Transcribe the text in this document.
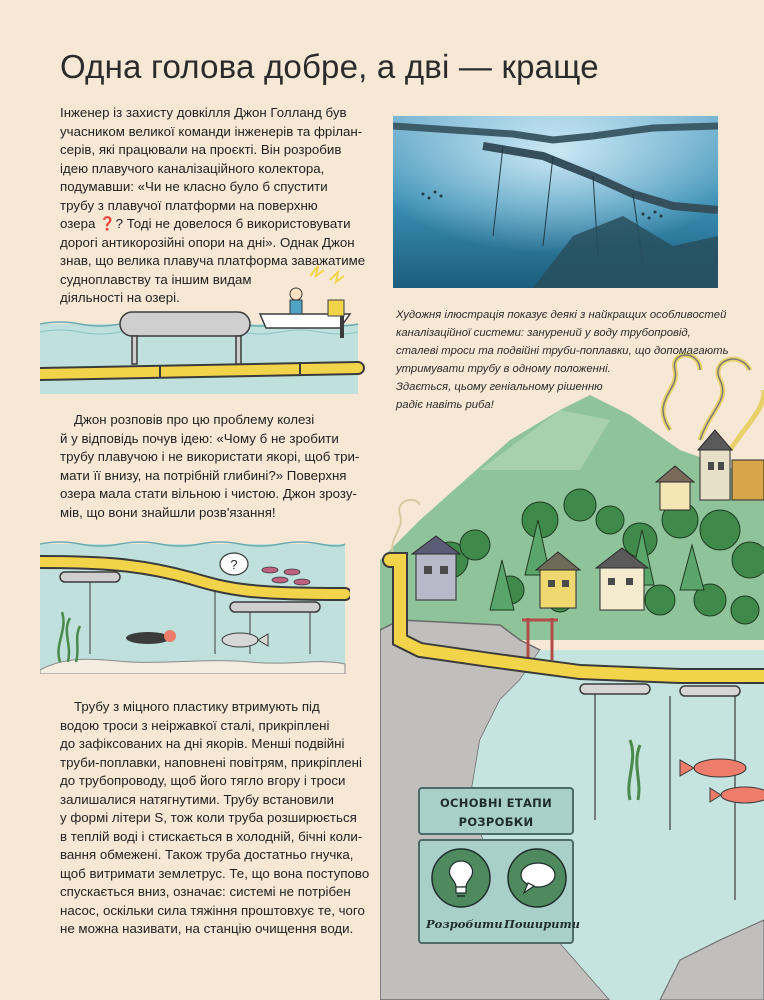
Одна голова добре, а дві — краще
Інженер із захисту довкілля Джон Голланд був
учасником великої команди інженерів та фрілан-
серів, які працювали на проєкті. Він розробив
ідею плавучого каналізаційного колектора,
подумавши: «Чи не класно було б спустити
трубу з плавучої платформи на поверхню
озера ❓? Тоді не довелося б використовувати
дорогі антикорозійні опори на дні». Однак Джон
знав, що велика плавуча платформа заважатиме
судноплавству та іншим видам
діяльності на озері.
Джон розповів про цю проблему колезі
й у відповідь почув ідею: «Чому б не зробити
трубу плавучою і не використати якорі, щоб три-
мати її внизу, на потрібній глибині?» Поверхня
озера мала стати вільною і чистою. Джон зрозу-
мів, що вони знайшли розв'язання!
?
Трубу з міцного пластику втримують під
водою троси з неіржавкої сталі, прикріплені
до зафіксованих на дні якорів. Менші подвійні
труби-поплавки, наповнені повітрям, прикріплені
до трубопроводу, щоб його тягло вгору і троси
залишалися натягнутими. Трубу встановили
у формі літери S, тож коли труба розширюється
в теплій воді і стискається в холодній, бічні коли-
вання обмежені. Також труба достатньо гнучка,
щоб витримати землетрус. Те, що вона поступово
спускається вниз, означає: системі не потрібен
насос, оскільки сила тяжіння проштовхує те, чого
не можна називати, на станцію очищення води.
Художня ілюстрація показує деякі з найкращих особливостей
каналізаційної системи: занурений у воду трубопровід,
сталеві троси та подвійні труби-поплавки, що допомагають
утримувати трубу в одному положенні.
Здається, цьому геніальному рішенню
радіє навіть риба!
ОСНОВНІ ЕТАПИ
РОЗРОБКИ
Розробити Поширити
